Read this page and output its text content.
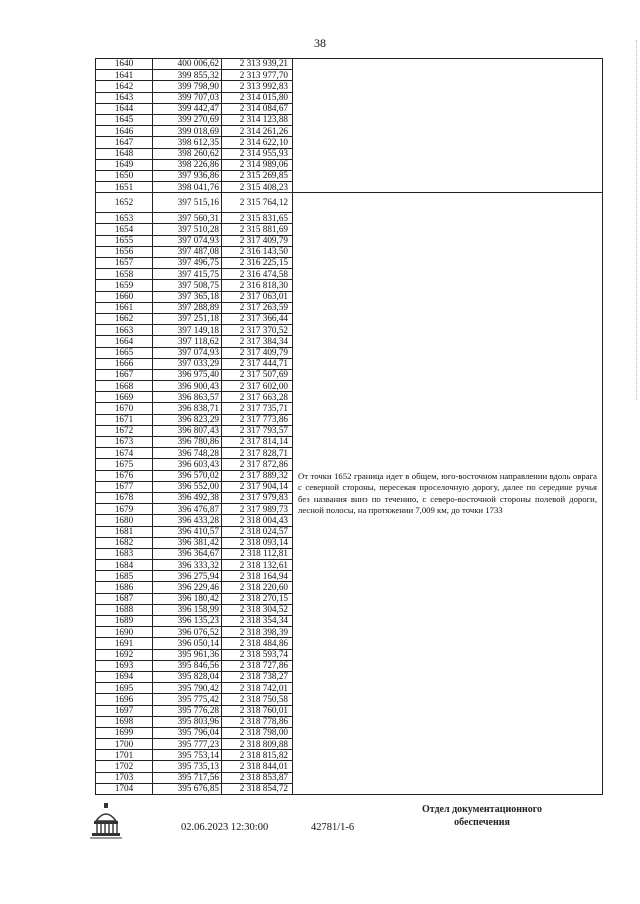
38
1640	400 006,62	2 313 939,21	
1641	399 855,32	2 313 977,70	
1642	399 798,90	2 313 992,83	
1643	399 707,03	2 314 015,80	
1644	399 442,47	2 314 084,67	
1645	399 270,69	2 314 123,88	
1646	399 018,69	2 314 261,26	
1647	398 612,35	2 314 622,10	
1648	398 260,62	2 314 955,93	
1649	398 226,86	2 314 989,06	
1650	397 936,86	2 315 269,85	
1651	398 041,76	2 315 408,23	
1652	397 515,16	2 315 764,12	От точки 1652 граница идет в общем, юго-восточном направлении вдоль оврага с северной стороны, пересекая проселочную дорогу, далее по середине ручья без названия вниз по течению, с северо-восточной стороны полевой дороги, лесной полосы, на протяжении 7,009 км, до точки 1733

1653	397 560,31	2 315 831,65	
1654	397 510,28	2 315 881,69	
1655	397 074,93	2 317 409,79	
1656	397 487,08	2 316 143,50	
1657	397 496,75	2 316 225,15	
1658	397 415,75	2 316 474,58	
1659	397 508,75	2 316 818,30	
1660	397 365,18	2 317 063,01	
1661	397 288,89	2 317 263,59	
1662	397 251,18	2 317 366,44	
1663	397 149,18	2 317 370,52	
1664	397 118,62	2 317 384,34	
1665	397 074,93	2 317 409,79	
1666	397 033,29	2 317 444,71	
1667	396 975,40	2 317 507,69	
1668	396 900,43	2 317 602,00	
1669	396 863,57	2 317 663,28	
1670	396 838,71	2 317 735,71	
1671	396 823,29	2 317 773,86	
1672	396 807,43	2 317 793,57	
1673	396 780,86	2 317 814,14	
1674	396 748,28	2 317 828,71	
1675	396 603,43	2 317 872,86	
1676	396 570,02	2 317 889,32	
1677	396 552,00	2 317 904,14	
1678	396 492,38	2 317 979,83	
1679	396 476,87	2 317 989,73	
1680	396 433,28	2 318 004,43	
1681	396 410,57	2 318 024,57	
1682	396 381,42	2 318 093,14	
1683	396 364,67	2 318 112,81	
1684	396 333,32	2 318 132,61	
1685	396 275,94	2 318 164,94	
1686	396 229,46	2 318 220,60	
1687	396 180,42	2 318 270,15	
1688	396 158,99	2 318 304,52	
1689	396 135,23	2 318 354,34	
1690	396 076,52	2 318 398,39	
1691	396 050,14	2 318 484,86	
1692	395 961,36	2 318 593,74	
1693	395 846,56	2 318 727,86	
1694	395 828,04	2 318 738,27	
1695	395 790,42	2 318 742,01	
1696	395 775,42	2 318 750,58	
1697	395 776,28	2 318 760,01	
1698	395 803,96	2 318 778,86	
1699	395 796,04	2 318 798,00	
1700	395 777,23	2 318 809,88	
1701	395 753,14	2 318 815,82	
1702	395 735,13	2 318 844,01	
1703	395 717,56	2 318 853,87	
1704	395 676,85	2 318 854,72	
02.06.2023 12:30:00	42781/1-6
Отдел документационного
обеспечения
